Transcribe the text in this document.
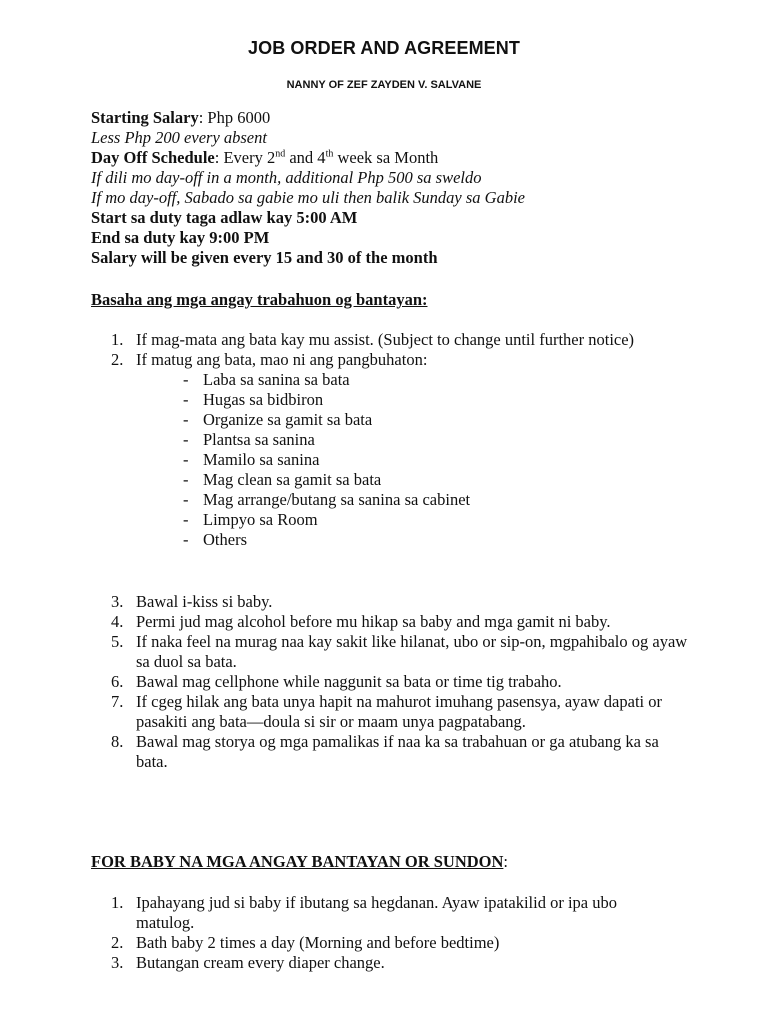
JOB ORDER AND AGREEMENT
NANNY OF ZEF ZAYDEN V. SALVANE
Starting Salary: Php 6000
Less Php 200 every absent
Day Off Schedule: Every 2nd and 4th week sa Month
If dili mo day-off in a month, additional Php 500 sa sweldo
If mo day-off, Sabado sa gabie mo uli then balik Sunday sa Gabie
Start sa duty taga adlaw kay 5:00 AM
End sa duty kay 9:00 PM
Salary will be given every 15 and 30 of the month
Basaha ang mga angay trabahuon og bantayan:
1. If mag-mata ang bata kay mu assist. (Subject to change until further notice)
2. If matug ang bata, mao ni ang pangbuhaton:
- Laba sa sanina sa bata
- Hugas sa bidbiron
- Organize sa gamit sa bata
- Plantsa sa sanina
- Mamilo sa sanina
- Mag clean sa gamit sa bata
- Mag arrange/butang sa sanina sa cabinet
- Limpyo sa Room
- Others
3. Bawal i-kiss si baby.
4. Permi jud mag alcohol before mu hikap sa baby and mga gamit ni baby.
5. If naka feel na murag naa kay sakit like hilanat, ubo or sip-on, mgpahibalo og ayaw sa duol sa bata.
6. Bawal mag cellphone while naggunit sa bata or time tig trabaho.
7. If cgeg hilak ang bata unya hapit na mahurot imuhang pasensya, ayaw dapati or pasakiti ang bata—doula si sir or maam unya pagpatabang.
8. Bawal mag storya og mga pamalikas if naa ka sa trabahuan or ga atubang ka sa bata.
FOR BABY NA MGA ANGAY BANTAYAN OR SUNDON:
1. Ipahayang jud si baby if ibutang sa hegdanan. Ayaw ipatakilid or ipa ubo matulog.
2. Bath baby 2 times a day (Morning and before bedtime)
3. Butangan cream every diaper change.
